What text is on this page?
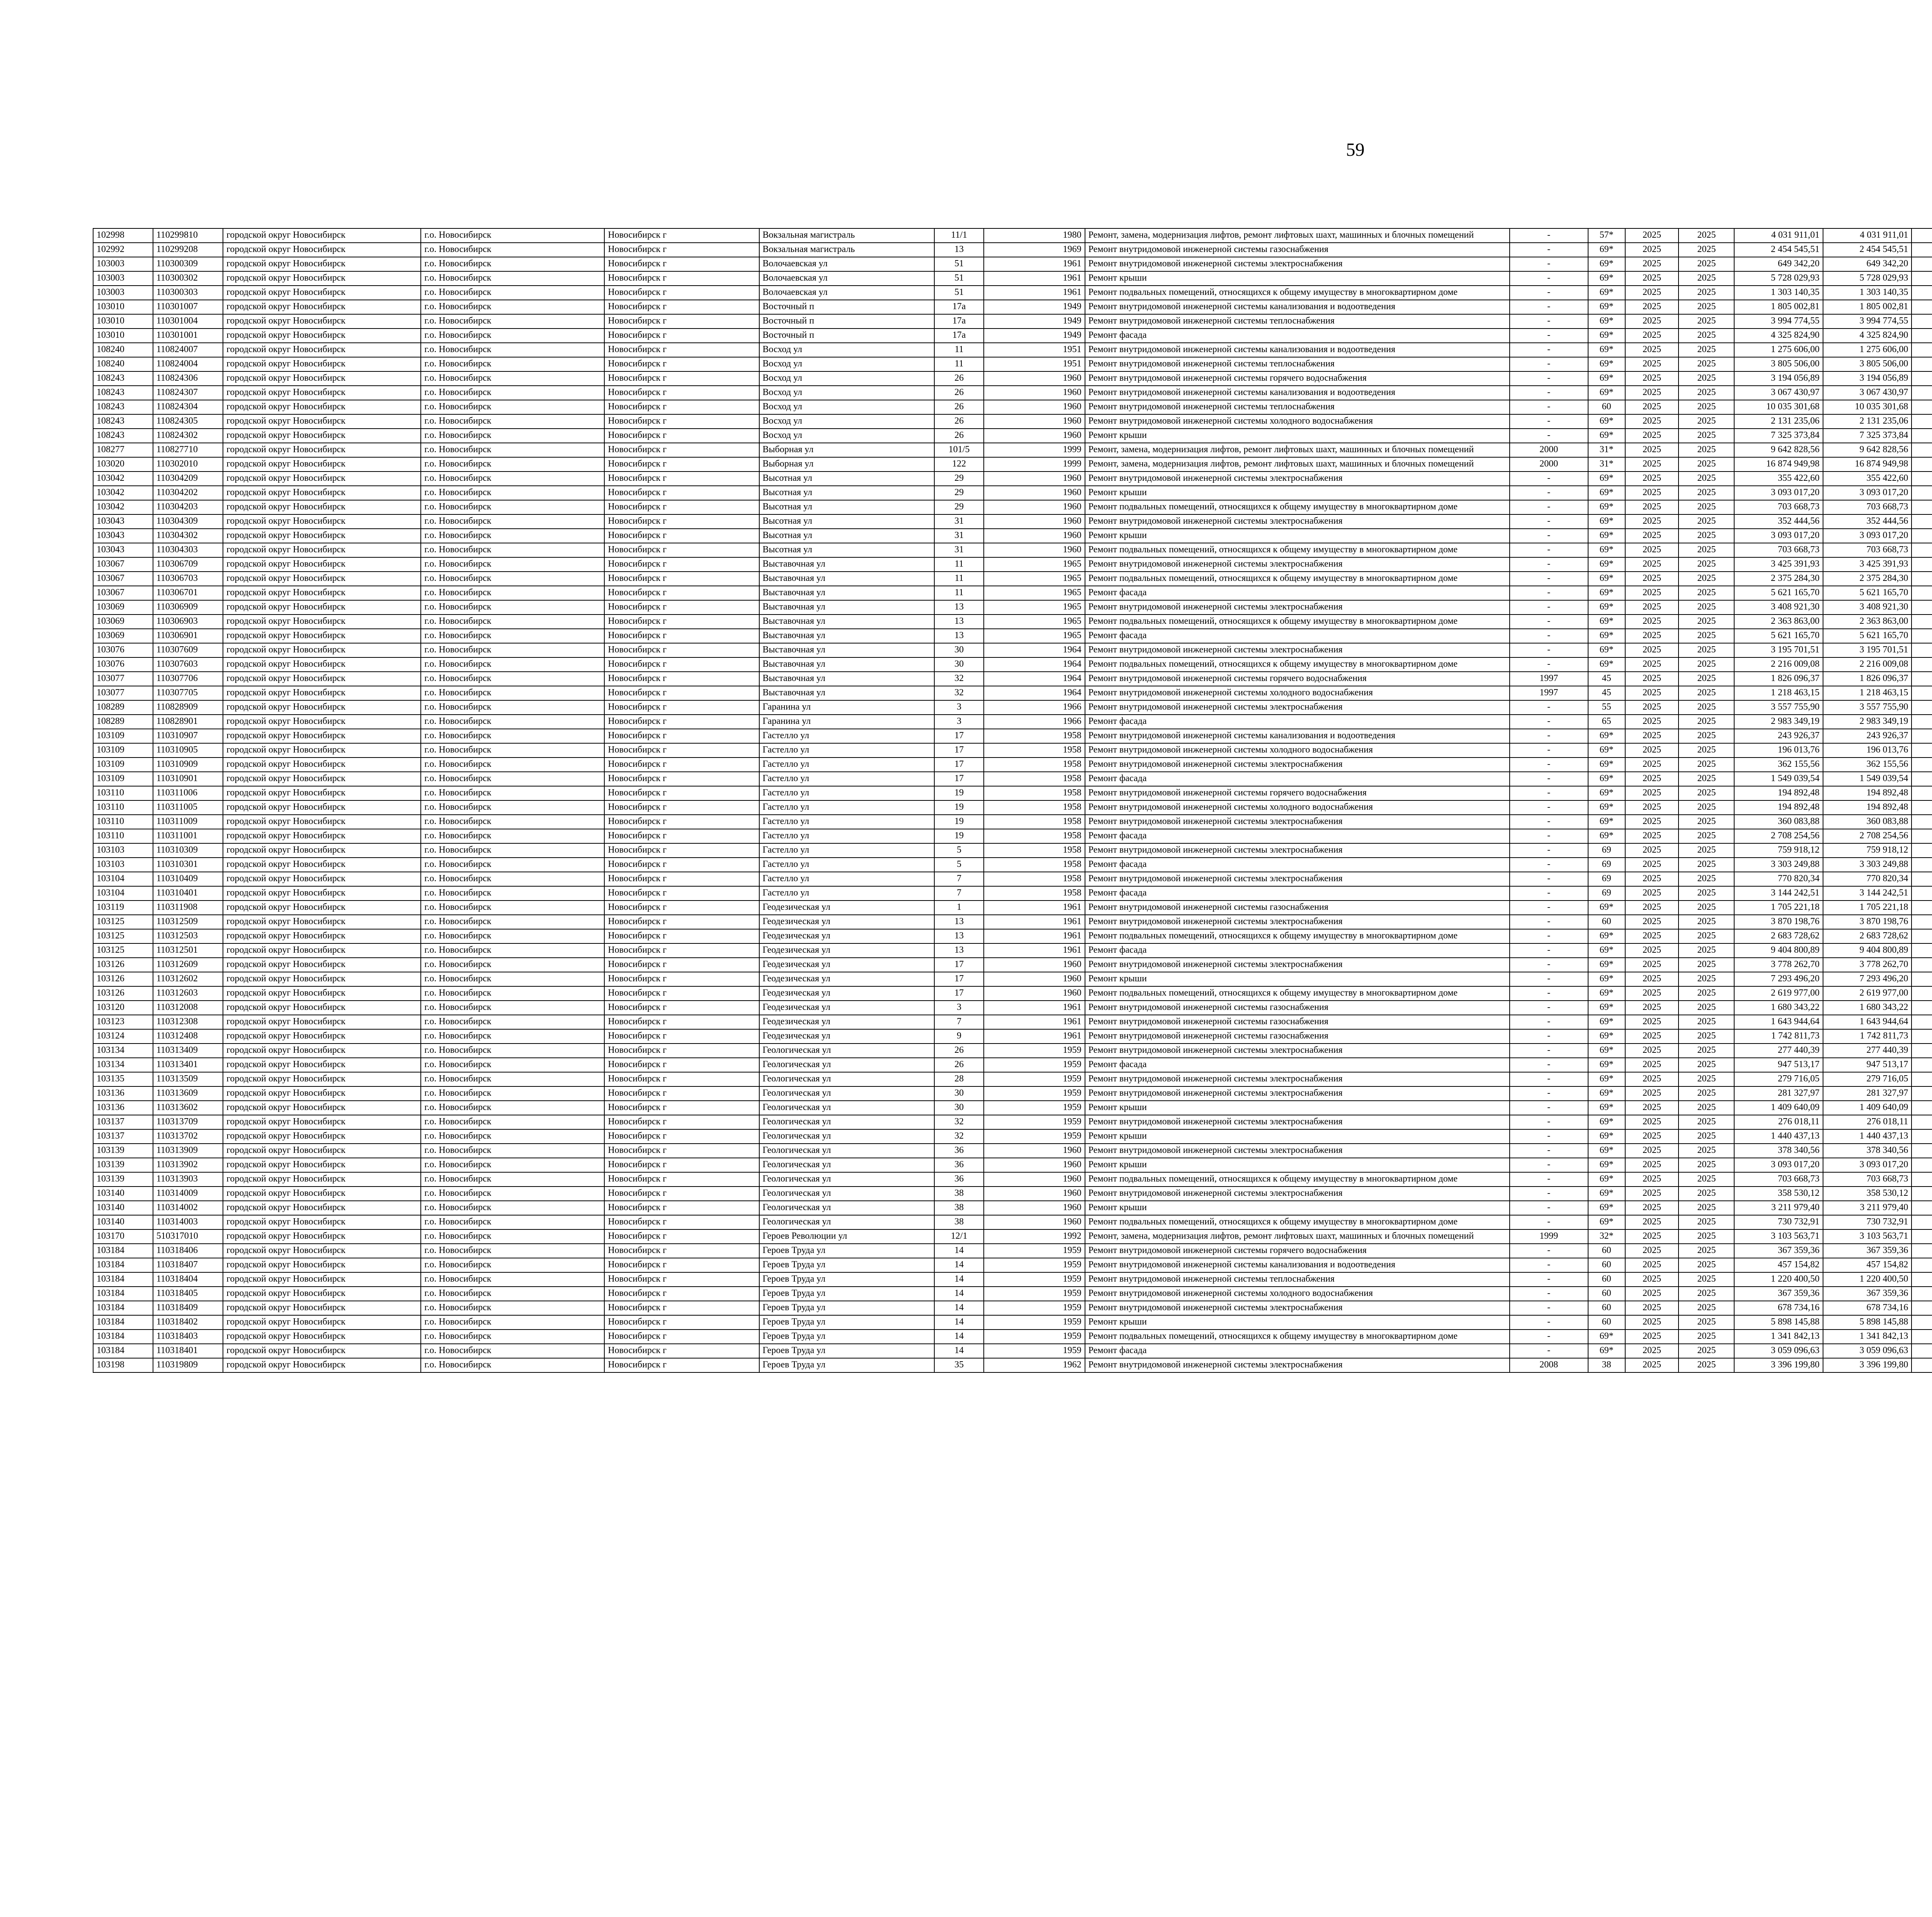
59
102998	110299810	городской округ Новосибирск	г.о. Новосибирск	Новосибирск г	Вокзальная магистраль	11/1	1980	Ремонт, замена, модернизация лифтов, ремонт лифтовых шахт, машинных и блочных помещений	-	57*	2025	2025	4 031 911,01	4 031 911,01						
102992	110299208	городской округ Новосибирск	г.о. Новосибирск	Новосибирск г	Вокзальная магистраль	13	1969	Ремонт внутридомовой инженерной системы газоснабжения	-	69*	2025	2025	2 454 545,51	2 454 545,51						
103003	110300309	городской округ Новосибирск	г.о. Новосибирск	Новосибирск г	Волочаевская ул	51	1961	Ремонт внутридомовой инженерной системы электроснабжения	-	69*	2025	2025	649 342,20	649 342,20						
103003	110300302	городской округ Новосибирск	г.о. Новосибирск	Новосибирск г	Волочаевская ул	51	1961	Ремонт крыши	-	69*	2025	2025	5 728 029,93	5 728 029,93						
103003	110300303	городской округ Новосибирск	г.о. Новосибирск	Новосибирск г	Волочаевская ул	51	1961	Ремонт подвальных помещений, относящихся к общему имуществу в многоквартирном доме	-	69*	2025	2025	1 303 140,35	1 303 140,35						
103010	110301007	городской округ Новосибирск	г.о. Новосибирск	Новосибирск г	Восточный п	17а	1949	Ремонт внутридомовой инженерной системы канализования и водоотведения	-	69*	2025	2025	1 805 002,81	1 805 002,81						
103010	110301004	городской округ Новосибирск	г.о. Новосибирск	Новосибирск г	Восточный п	17а	1949	Ремонт внутридомовой инженерной системы теплоснабжения	-	69*	2025	2025	3 994 774,55	3 994 774,55						
103010	110301001	городской округ Новосибирск	г.о. Новосибирск	Новосибирск г	Восточный п	17а	1949	Ремонт фасада	-	69*	2025	2025	4 325 824,90	4 325 824,90						
108240	110824007	городской округ Новосибирск	г.о. Новосибирск	Новосибирск г	Восход ул	11	1951	Ремонт внутридомовой инженерной системы канализования и водоотведения	-	69*	2025	2025	1 275 606,00	1 275 606,00						
108240	110824004	городской округ Новосибирск	г.о. Новосибирск	Новосибирск г	Восход ул	11	1951	Ремонт внутридомовой инженерной системы теплоснабжения	-	69*	2025	2025	3 805 506,00	3 805 506,00						
108243	110824306	городской округ Новосибирск	г.о. Новосибирск	Новосибирск г	Восход ул	26	1960	Ремонт внутридомовой инженерной системы горячего водоснабжения	-	69*	2025	2025	3 194 056,89	3 194 056,89						
108243	110824307	городской округ Новосибирск	г.о. Новосибирск	Новосибирск г	Восход ул	26	1960	Ремонт внутридомовой инженерной системы канализования и водоотведения	-	69*	2025	2025	3 067 430,97	3 067 430,97						
108243	110824304	городской округ Новосибирск	г.о. Новосибирск	Новосибирск г	Восход ул	26	1960	Ремонт внутридомовой инженерной системы теплоснабжения	-	60	2025	2025	10 035 301,68	10 035 301,68						
108243	110824305	городской округ Новосибирск	г.о. Новосибирск	Новосибирск г	Восход ул	26	1960	Ремонт внутридомовой инженерной системы холодного водоснабжения	-	69*	2025	2025	2 131 235,06	2 131 235,06						
108243	110824302	городской округ Новосибирск	г.о. Новосибирск	Новосибирск г	Восход ул	26	1960	Ремонт крыши	-	69*	2025	2025	7 325 373,84	7 325 373,84						
108277	110827710	городской округ Новосибирск	г.о. Новосибирск	Новосибирск г	Выборная ул	101/5	1999	Ремонт, замена, модернизация лифтов, ремонт лифтовых шахт, машинных и блочных помещений	2000	31*	2025	2025	9 642 828,56	9 642 828,56						
103020	110302010	городской округ Новосибирск	г.о. Новосибирск	Новосибирск г	Выборная ул	122	1999	Ремонт, замена, модернизация лифтов, ремонт лифтовых шахт, машинных и блочных помещений	2000	31*	2025	2025	16 874 949,98	16 874 949,98						
103042	110304209	городской округ Новосибирск	г.о. Новосибирск	Новосибирск г	Высотная ул	29	1960	Ремонт внутридомовой инженерной системы электроснабжения	-	69*	2025	2025	355 422,60	355 422,60						
103042	110304202	городской округ Новосибирск	г.о. Новосибирск	Новосибирск г	Высотная ул	29	1960	Ремонт крыши	-	69*	2025	2025	3 093 017,20	3 093 017,20						
103042	110304203	городской округ Новосибирск	г.о. Новосибирск	Новосибирск г	Высотная ул	29	1960	Ремонт подвальных помещений, относящихся к общему имуществу в многоквартирном доме	-	69*	2025	2025	703 668,73	703 668,73						
103043	110304309	городской округ Новосибирск	г.о. Новосибирск	Новосибирск г	Высотная ул	31	1960	Ремонт внутридомовой инженерной системы электроснабжения	-	69*	2025	2025	352 444,56	352 444,56						
103043	110304302	городской округ Новосибирск	г.о. Новосибирск	Новосибирск г	Высотная ул	31	1960	Ремонт крыши	-	69*	2025	2025	3 093 017,20	3 093 017,20						
103043	110304303	городской округ Новосибирск	г.о. Новосибирск	Новосибирск г	Высотная ул	31	1960	Ремонт подвальных помещений, относящихся к общему имуществу в многоквартирном доме	-	69*	2025	2025	703 668,73	703 668,73						
103067	110306709	городской округ Новосибирск	г.о. Новосибирск	Новосибирск г	Выставочная ул	11	1965	Ремонт внутридомовой инженерной системы электроснабжения	-	69*	2025	2025	3 425 391,93	3 425 391,93						
103067	110306703	городской округ Новосибирск	г.о. Новосибирск	Новосибирск г	Выставочная ул	11	1965	Ремонт подвальных помещений, относящихся к общему имуществу в многоквартирном доме	-	69*	2025	2025	2 375 284,30	2 375 284,30						
103067	110306701	городской округ Новосибирск	г.о. Новосибирск	Новосибирск г	Выставочная ул	11	1965	Ремонт фасада	-	69*	2025	2025	5 621 165,70	5 621 165,70						
103069	110306909	городской округ Новосибирск	г.о. Новосибирск	Новосибирск г	Выставочная ул	13	1965	Ремонт внутридомовой инженерной системы электроснабжения	-	69*	2025	2025	3 408 921,30	3 408 921,30						
103069	110306903	городской округ Новосибирск	г.о. Новосибирск	Новосибирск г	Выставочная ул	13	1965	Ремонт подвальных помещений, относящихся к общему имуществу в многоквартирном доме	-	69*	2025	2025	2 363 863,00	2 363 863,00						
103069	110306901	городской округ Новосибирск	г.о. Новосибирск	Новосибирск г	Выставочная ул	13	1965	Ремонт фасада	-	69*	2025	2025	5 621 165,70	5 621 165,70						
103076	110307609	городской округ Новосибирск	г.о. Новосибирск	Новосибирск г	Выставочная ул	30	1964	Ремонт внутридомовой инженерной системы электроснабжения	-	69*	2025	2025	3 195 701,51	3 195 701,51						
103076	110307603	городской округ Новосибирск	г.о. Новосибирск	Новосибирск г	Выставочная ул	30	1964	Ремонт подвальных помещений, относящихся к общему имуществу в многоквартирном доме	-	69*	2025	2025	2 216 009,08	2 216 009,08						
103077	110307706	городской округ Новосибирск	г.о. Новосибирск	Новосибирск г	Выставочная ул	32	1964	Ремонт внутридомовой инженерной системы горячего водоснабжения	1997	45	2025	2025	1 826 096,37	1 826 096,37						
103077	110307705	городской округ Новосибирск	г.о. Новосибирск	Новосибирск г	Выставочная ул	32	1964	Ремонт внутридомовой инженерной системы холодного водоснабжения	1997	45	2025	2025	1 218 463,15	1 218 463,15						
108289	110828909	городской округ Новосибирск	г.о. Новосибирск	Новосибирск г	Гаранина ул	3	1966	Ремонт внутридомовой инженерной системы электроснабжения	-	55	2025	2025	3 557 755,90	3 557 755,90						
108289	110828901	городской округ Новосибирск	г.о. Новосибирск	Новосибирск г	Гаранина ул	3	1966	Ремонт фасада	-	65	2025	2025	2 983 349,19	2 983 349,19						
103109	110310907	городской округ Новосибирск	г.о. Новосибирск	Новосибирск г	Гастелло ул	17	1958	Ремонт внутридомовой инженерной системы канализования и водоотведения	-	69*	2025	2025	243 926,37	243 926,37						
103109	110310905	городской округ Новосибирск	г.о. Новосибирск	Новосибирск г	Гастелло ул	17	1958	Ремонт внутридомовой инженерной системы холодного водоснабжения	-	69*	2025	2025	196 013,76	196 013,76						
103109	110310909	городской округ Новосибирск	г.о. Новосибирск	Новосибирск г	Гастелло ул	17	1958	Ремонт внутридомовой инженерной системы электроснабжения	-	69*	2025	2025	362 155,56	362 155,56						
103109	110310901	городской округ Новосибирск	г.о. Новосибирск	Новосибирск г	Гастелло ул	17	1958	Ремонт фасада	-	69*	2025	2025	1 549 039,54	1 549 039,54						
103110	110311006	городской округ Новосибирск	г.о. Новосибирск	Новосибирск г	Гастелло ул	19	1958	Ремонт внутридомовой инженерной системы горячего водоснабжения	-	69*	2025	2025	194 892,48	194 892,48						
103110	110311005	городской округ Новосибирск	г.о. Новосибирск	Новосибирск г	Гастелло ул	19	1958	Ремонт внутридомовой инженерной системы холодного водоснабжения	-	69*	2025	2025	194 892,48	194 892,48						
103110	110311009	городской округ Новосибирск	г.о. Новосибирск	Новосибирск г	Гастелло ул	19	1958	Ремонт внутридомовой инженерной системы электроснабжения	-	69*	2025	2025	360 083,88	360 083,88						
103110	110311001	городской округ Новосибирск	г.о. Новосибирск	Новосибирск г	Гастелло ул	19	1958	Ремонт фасада	-	69*	2025	2025	2 708 254,56	2 708 254,56						
103103	110310309	городской округ Новосибирск	г.о. Новосибирск	Новосибирск г	Гастелло ул	5	1958	Ремонт внутридомовой инженерной системы электроснабжения	-	69	2025	2025	759 918,12	759 918,12						
103103	110310301	городской округ Новосибирск	г.о. Новосибирск	Новосибирск г	Гастелло ул	5	1958	Ремонт фасада	-	69	2025	2025	3 303 249,88	3 303 249,88						
103104	110310409	городской округ Новосибирск	г.о. Новосибирск	Новосибирск г	Гастелло ул	7	1958	Ремонт внутридомовой инженерной системы электроснабжения	-	69	2025	2025	770 820,34	770 820,34						
103104	110310401	городской округ Новосибирск	г.о. Новосибирск	Новосибирск г	Гастелло ул	7	1958	Ремонт фасада	-	69	2025	2025	3 144 242,51	3 144 242,51						
103119	110311908	городской округ Новосибирск	г.о. Новосибирск	Новосибирск г	Геодезическая ул	1	1961	Ремонт внутридомовой инженерной системы газоснабжения	-	69*	2025	2025	1 705 221,18	1 705 221,18						
103125	110312509	городской округ Новосибирск	г.о. Новосибирск	Новосибирск г	Геодезическая ул	13	1961	Ремонт внутридомовой инженерной системы электроснабжения	-	60	2025	2025	3 870 198,76	3 870 198,76						
103125	110312503	городской округ Новосибирск	г.о. Новосибирск	Новосибирск г	Геодезическая ул	13	1961	Ремонт подвальных помещений, относящихся к общему имуществу в многоквартирном доме	-	69*	2025	2025	2 683 728,62	2 683 728,62						
103125	110312501	городской округ Новосибирск	г.о. Новосибирск	Новосибирск г	Геодезическая ул	13	1961	Ремонт фасада	-	69*	2025	2025	9 404 800,89	9 404 800,89						
103126	110312609	городской округ Новосибирск	г.о. Новосибирск	Новосибирск г	Геодезическая ул	17	1960	Ремонт внутридомовой инженерной системы электроснабжения	-	69*	2025	2025	3 778 262,70	3 778 262,70						
103126	110312602	городской округ Новосибирск	г.о. Новосибирск	Новосибирск г	Геодезическая ул	17	1960	Ремонт крыши	-	69*	2025	2025	7 293 496,20	7 293 496,20						
103126	110312603	городской округ Новосибирск	г.о. Новосибирск	Новосибирск г	Геодезическая ул	17	1960	Ремонт подвальных помещений, относящихся к общему имуществу в многоквартирном доме	-	69*	2025	2025	2 619 977,00	2 619 977,00						
103120	110312008	городской округ Новосибирск	г.о. Новосибирск	Новосибирск г	Геодезическая ул	3	1961	Ремонт внутридомовой инженерной системы газоснабжения	-	69*	2025	2025	1 680 343,22	1 680 343,22						
103123	110312308	городской округ Новосибирск	г.о. Новосибирск	Новосибирск г	Геодезическая ул	7	1961	Ремонт внутридомовой инженерной системы газоснабжения	-	69*	2025	2025	1 643 944,64	1 643 944,64						
103124	110312408	городской округ Новосибирск	г.о. Новосибирск	Новосибирск г	Геодезическая ул	9	1961	Ремонт внутридомовой инженерной системы газоснабжения	-	69*	2025	2025	1 742 811,73	1 742 811,73						
103134	110313409	городской округ Новосибирск	г.о. Новосибирск	Новосибирск г	Геологическая ул	26	1959	Ремонт внутридомовой инженерной системы электроснабжения	-	69*	2025	2025	277 440,39	277 440,39						
103134	110313401	городской округ Новосибирск	г.о. Новосибирск	Новосибирск г	Геологическая ул	26	1959	Ремонт фасада	-	69*	2025	2025	947 513,17	947 513,17						
103135	110313509	городской округ Новосибирск	г.о. Новосибирск	Новосибирск г	Геологическая ул	28	1959	Ремонт внутридомовой инженерной системы электроснабжения	-	69*	2025	2025	279 716,05	279 716,05						
103136	110313609	городской округ Новосибирск	г.о. Новосибирск	Новосибирск г	Геологическая ул	30	1959	Ремонт внутридомовой инженерной системы электроснабжения	-	69*	2025	2025	281 327,97	281 327,97						
103136	110313602	городской округ Новосибирск	г.о. Новосибирск	Новосибирск г	Геологическая ул	30	1959	Ремонт крыши	-	69*	2025	2025	1 409 640,09	1 409 640,09						
103137	110313709	городской округ Новосибирск	г.о. Новосибирск	Новосибирск г	Геологическая ул	32	1959	Ремонт внутридомовой инженерной системы электроснабжения	-	69*	2025	2025	276 018,11	276 018,11						
103137	110313702	городской округ Новосибирск	г.о. Новосибирск	Новосибирск г	Геологическая ул	32	1959	Ремонт крыши	-	69*	2025	2025	1 440 437,13	1 440 437,13						
103139	110313909	городской округ Новосибирск	г.о. Новосибирск	Новосибирск г	Геологическая ул	36	1960	Ремонт внутридомовой инженерной системы электроснабжения	-	69*	2025	2025	378 340,56	378 340,56						
103139	110313902	городской округ Новосибирск	г.о. Новосибирск	Новосибирск г	Геологическая ул	36	1960	Ремонт крыши	-	69*	2025	2025	3 093 017,20	3 093 017,20						
103139	110313903	городской округ Новосибирск	г.о. Новосибирск	Новосибирск г	Геологическая ул	36	1960	Ремонт подвальных помещений, относящихся к общему имуществу в многоквартирном доме	-	69*	2025	2025	703 668,73	703 668,73						
103140	110314009	городской округ Новосибирск	г.о. Новосибирск	Новосибирск г	Геологическая ул	38	1960	Ремонт внутридомовой инженерной системы электроснабжения	-	69*	2025	2025	358 530,12	358 530,12						
103140	110314002	городской округ Новосибирск	г.о. Новосибирск	Новосибирск г	Геологическая ул	38	1960	Ремонт крыши	-	69*	2025	2025	3 211 979,40	3 211 979,40						
103140	110314003	городской округ Новосибирск	г.о. Новосибирск	Новосибирск г	Геологическая ул	38	1960	Ремонт подвальных помещений, относящихся к общему имуществу в многоквартирном доме	-	69*	2025	2025	730 732,91	730 732,91						
103170	510317010	городской округ Новосибирск	г.о. Новосибирск	Новосибирск г	Героев Революции ул	12/1	1992	Ремонт, замена, модернизация лифтов, ремонт лифтовых шахт, машинных и блочных помещений	1999	32*	2025	2025	3 103 563,71	3 103 563,71						
103184	110318406	городской округ Новосибирск	г.о. Новосибирск	Новосибирск г	Героев Труда ул	14	1959	Ремонт внутридомовой инженерной системы горячего водоснабжения	-	60	2025	2025	367 359,36	367 359,36						
103184	110318407	городской округ Новосибирск	г.о. Новосибирск	Новосибирск г	Героев Труда ул	14	1959	Ремонт внутридомовой инженерной системы канализования и водоотведения	-	60	2025	2025	457 154,82	457 154,82						
103184	110318404	городской округ Новосибирск	г.о. Новосибирск	Новосибирск г	Героев Труда ул	14	1959	Ремонт внутридомовой инженерной системы теплоснабжения	-	60	2025	2025	1 220 400,50	1 220 400,50						
103184	110318405	городской округ Новосибирск	г.о. Новосибирск	Новосибирск г	Героев Труда ул	14	1959	Ремонт внутридомовой инженерной системы холодного водоснабжения	-	60	2025	2025	367 359,36	367 359,36						
103184	110318409	городской округ Новосибирск	г.о. Новосибирск	Новосибирск г	Героев Труда ул	14	1959	Ремонт внутридомовой инженерной системы электроснабжения	-	60	2025	2025	678 734,16	678 734,16						
103184	110318402	городской округ Новосибирск	г.о. Новосибирск	Новосибирск г	Героев Труда ул	14	1959	Ремонт крыши	-	60	2025	2025	5 898 145,88	5 898 145,88						
103184	110318403	городской округ Новосибирск	г.о. Новосибирск	Новосибирск г	Героев Труда ул	14	1959	Ремонт подвальных помещений, относящихся к общему имуществу в многоквартирном доме	-	69*	2025	2025	1 341 842,13	1 341 842,13						
103184	110318401	городской округ Новосибирск	г.о. Новосибирск	Новосибирск г	Героев Труда ул	14	1959	Ремонт фасада	-	69*	2025	2025	3 059 096,63	3 059 096,63						
103198	110319809	городской округ Новосибирск	г.о. Новосибирск	Новосибирск г	Героев Труда ул	35	1962	Ремонт внутридомовой инженерной системы электроснабжения	2008	38	2025	2025	3 396 199,80	3 396 199,80						
